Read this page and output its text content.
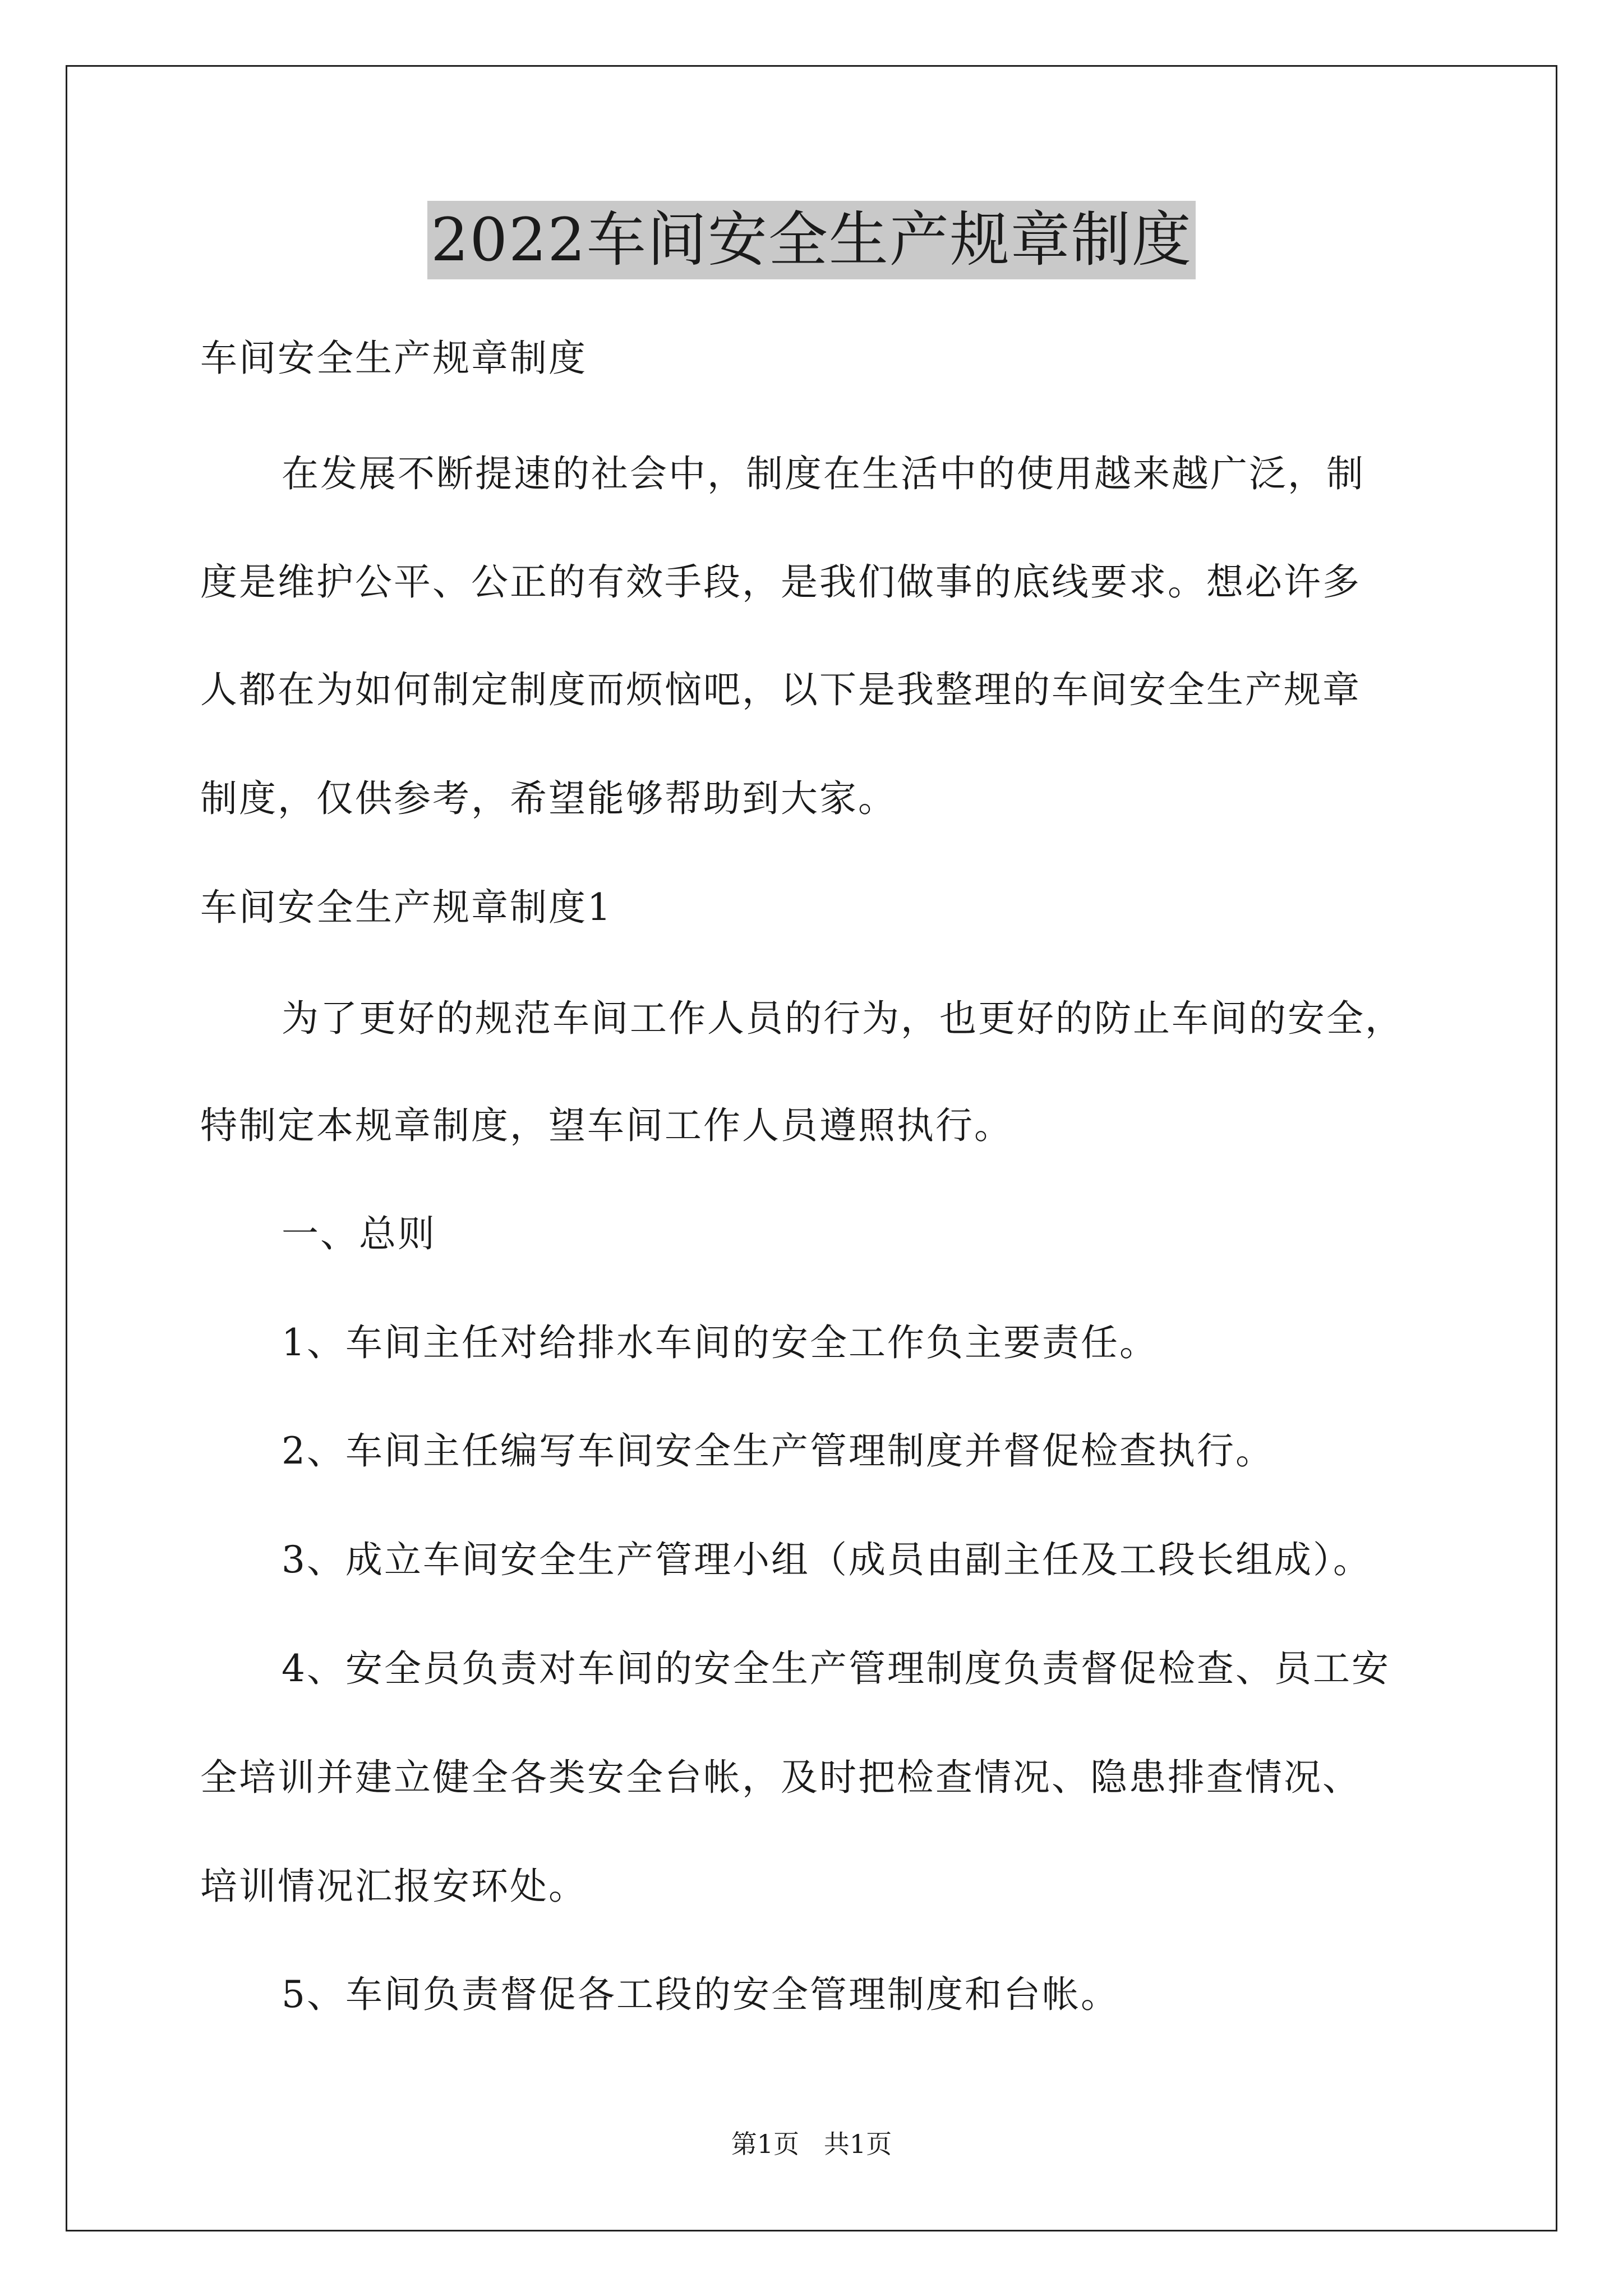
2022车间安全生产规章制度
车间安全生产规章制度
在发展不断提速的社会中，制度在生活中的使用越来越广泛，制
度是维护公平、公正的有效手段，是我们做事的底线要求。想必许多
人都在为如何制定制度而烦恼吧，以下是我整理的车间安全生产规章
制度，仅供参考，希望能够帮助到大家。
车间安全生产规章制度1
为了更好的规范车间工作人员的行为，也更好的防止车间的安全，
特制定本规章制度，望车间工作人员遵照执行。
一、总则
1、车间主任对给排水车间的安全工作负主要责任。
2、车间主任编写车间安全生产管理制度并督促检查执行。
3、成立车间安全生产管理小组（成员由副主任及工段长组成）。
4、安全员负责对车间的安全生产管理制度负责督促检查、员工安
全培训并建立健全各类安全台帐，及时把检查情况、隐患排查情况、
培训情况汇报安环处。
5、车间负责督促各工段的安全管理制度和台帐。
第1页   共1页
